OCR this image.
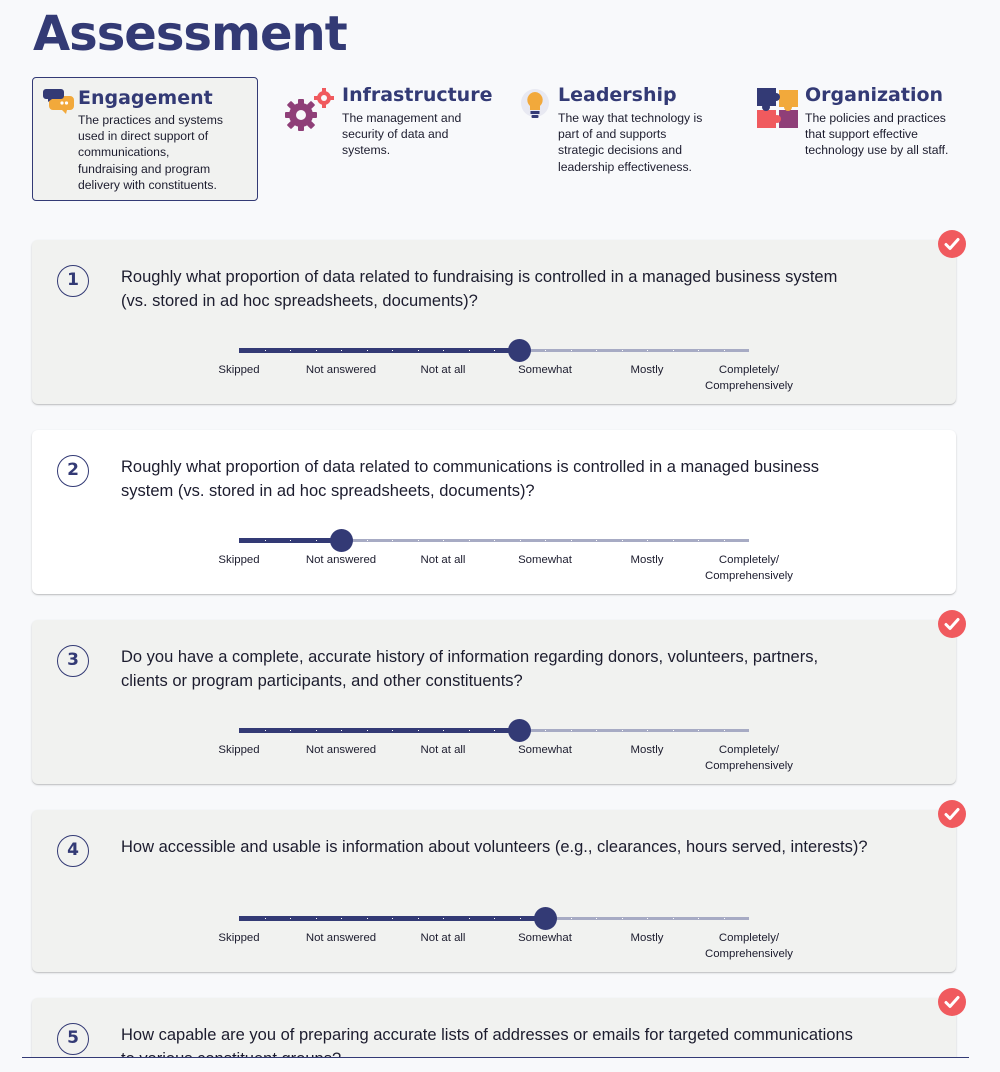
Assessment
Engagement
The practices and systems
used in direct support of
communications,
fundraising and program
delivery with constituents.
Infrastructure
The management and
security of data and
systems.
Leadership
The way that technology is
part of and supports
strategic decisions and
leadership effectiveness.
Organization
The policies and practices
that support effective
technology use by all staff.
1	Roughly what proportion of data related to fundraising is controlled in a managed business system
(vs. stored in ad hoc spreadsheets, documents)?
Skipped	Not answered	Not at all	Somewhat	Mostly	Completely/
Comprehensively
2	Roughly what proportion of data related to communications is controlled in a managed business
system (vs. stored in ad hoc spreadsheets, documents)?
Skipped	Not answered	Not at all	Somewhat	Mostly	Completely/
Comprehensively
3	Do you have a complete, accurate history of information regarding donors, volunteers, partners,
clients or program participants, and other constituents?
Skipped	Not answered	Not at all	Somewhat	Mostly	Completely/
Comprehensively
4	How accessible and usable is information about volunteers (e.g., clearances, hours served, interests)?
Skipped	Not answered	Not at all	Somewhat	Mostly	Completely/
Comprehensively
5	How capable are you of preparing accurate lists of addresses or emails for targeted communications
